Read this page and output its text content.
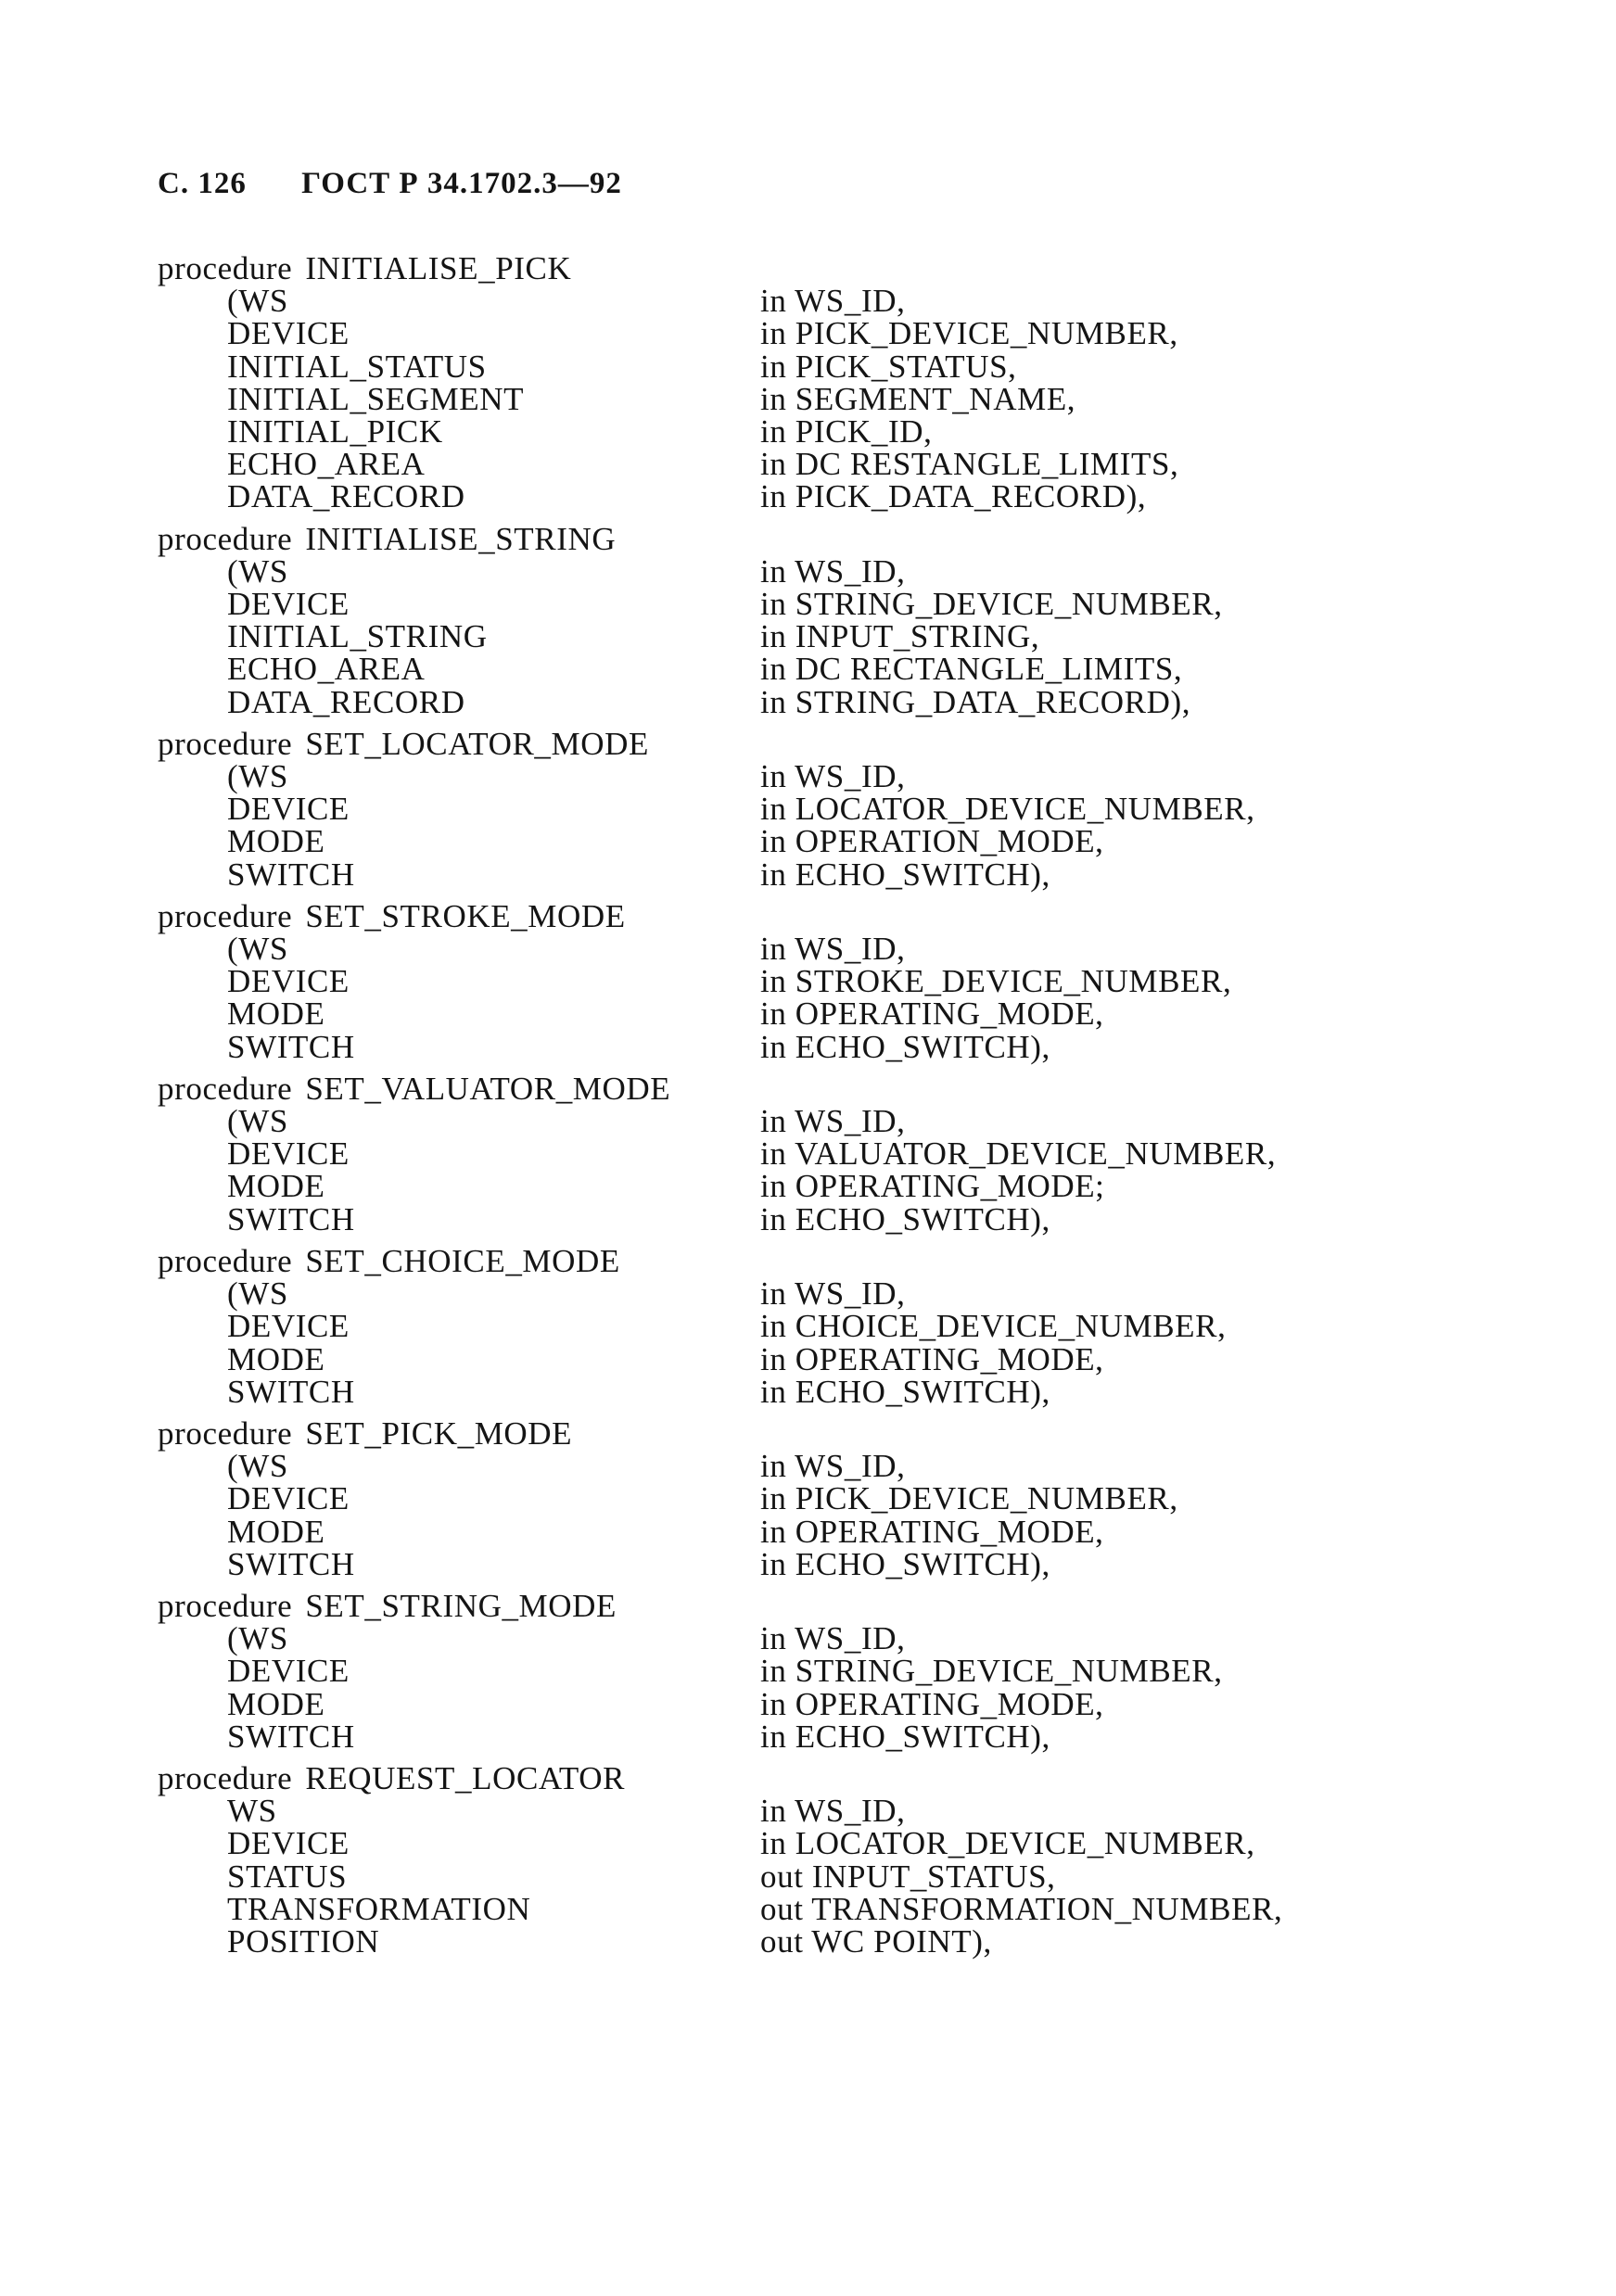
С. 126 ГОСТ Р 34.1702.3—92
procedure INITIALISE_PICK
(WS	in WS_ID,
DEVICE	in PICK_DEVICE_NUMBER,
INITIAL_STATUS	in PICK_STATUS,
INITIAL_SEGMENT	in SEGMENT_NAME,
INITIAL_PICK	in PICK_ID,
ECHO_AREA	in DC RESTANGLE_LIMITS,
DATA_RECORD	in PICK_DATA_RECORD),
procedure INITIALISE_STRING
(WS	in WS_ID,
DEVICE	in STRING_DEVICE_NUMBER,
INITIAL_STRING	in INPUT_STRING,
ECHO_AREA	in DC RECTANGLE_LIMITS,
DATA_RECORD	in STRING_DATA_RECORD),
procedure SET_LOCATOR_MODE
(WS	in WS_ID,
DEVICE	in LOCATOR_DEVICE_NUMBER,
MODE	in OPERATION_MODE,
SWITCH	in ECHO_SWITCH),
procedure SET_STROKE_MODE
(WS	in WS_ID,
DEVICE	in STROKE_DEVICE_NUMBER,
MODE	in OPERATING_MODE,
SWITCH	in ECHO_SWITCH),
procedure SET_VALUATOR_MODE
(WS	in WS_ID,
DEVICE	in VALUATOR_DEVICE_NUMBER,
MODE	in OPERATING_MODE;
SWITCH	in ECHO_SWITCH),
procedure SET_CHOICE_MODE
(WS	in WS_ID,
DEVICE	in CHOICE_DEVICE_NUMBER,
MODE	in OPERATING_MODE,
SWITCH	in ECHO_SWITCH),
procedure SET_PICK_MODE
(WS	in WS_ID,
DEVICE	in PICK_DEVICE_NUMBER,
MODE	in OPERATING_MODE,
SWITCH	in ECHO_SWITCH),
procedure SET_STRING_MODE
(WS	in WS_ID,
DEVICE	in STRING_DEVICE_NUMBER,
MODE	in OPERATING_MODE,
SWITCH	in ECHO_SWITCH),
procedure REQUEST_LOCATOR
WS	in WS_ID,
DEVICE	in LOCATOR_DEVICE_NUMBER,
STATUS	out INPUT_STATUS,
TRANSFORMATION	out TRANSFORMATION_NUMBER,
POSITION	out WC POINT),
